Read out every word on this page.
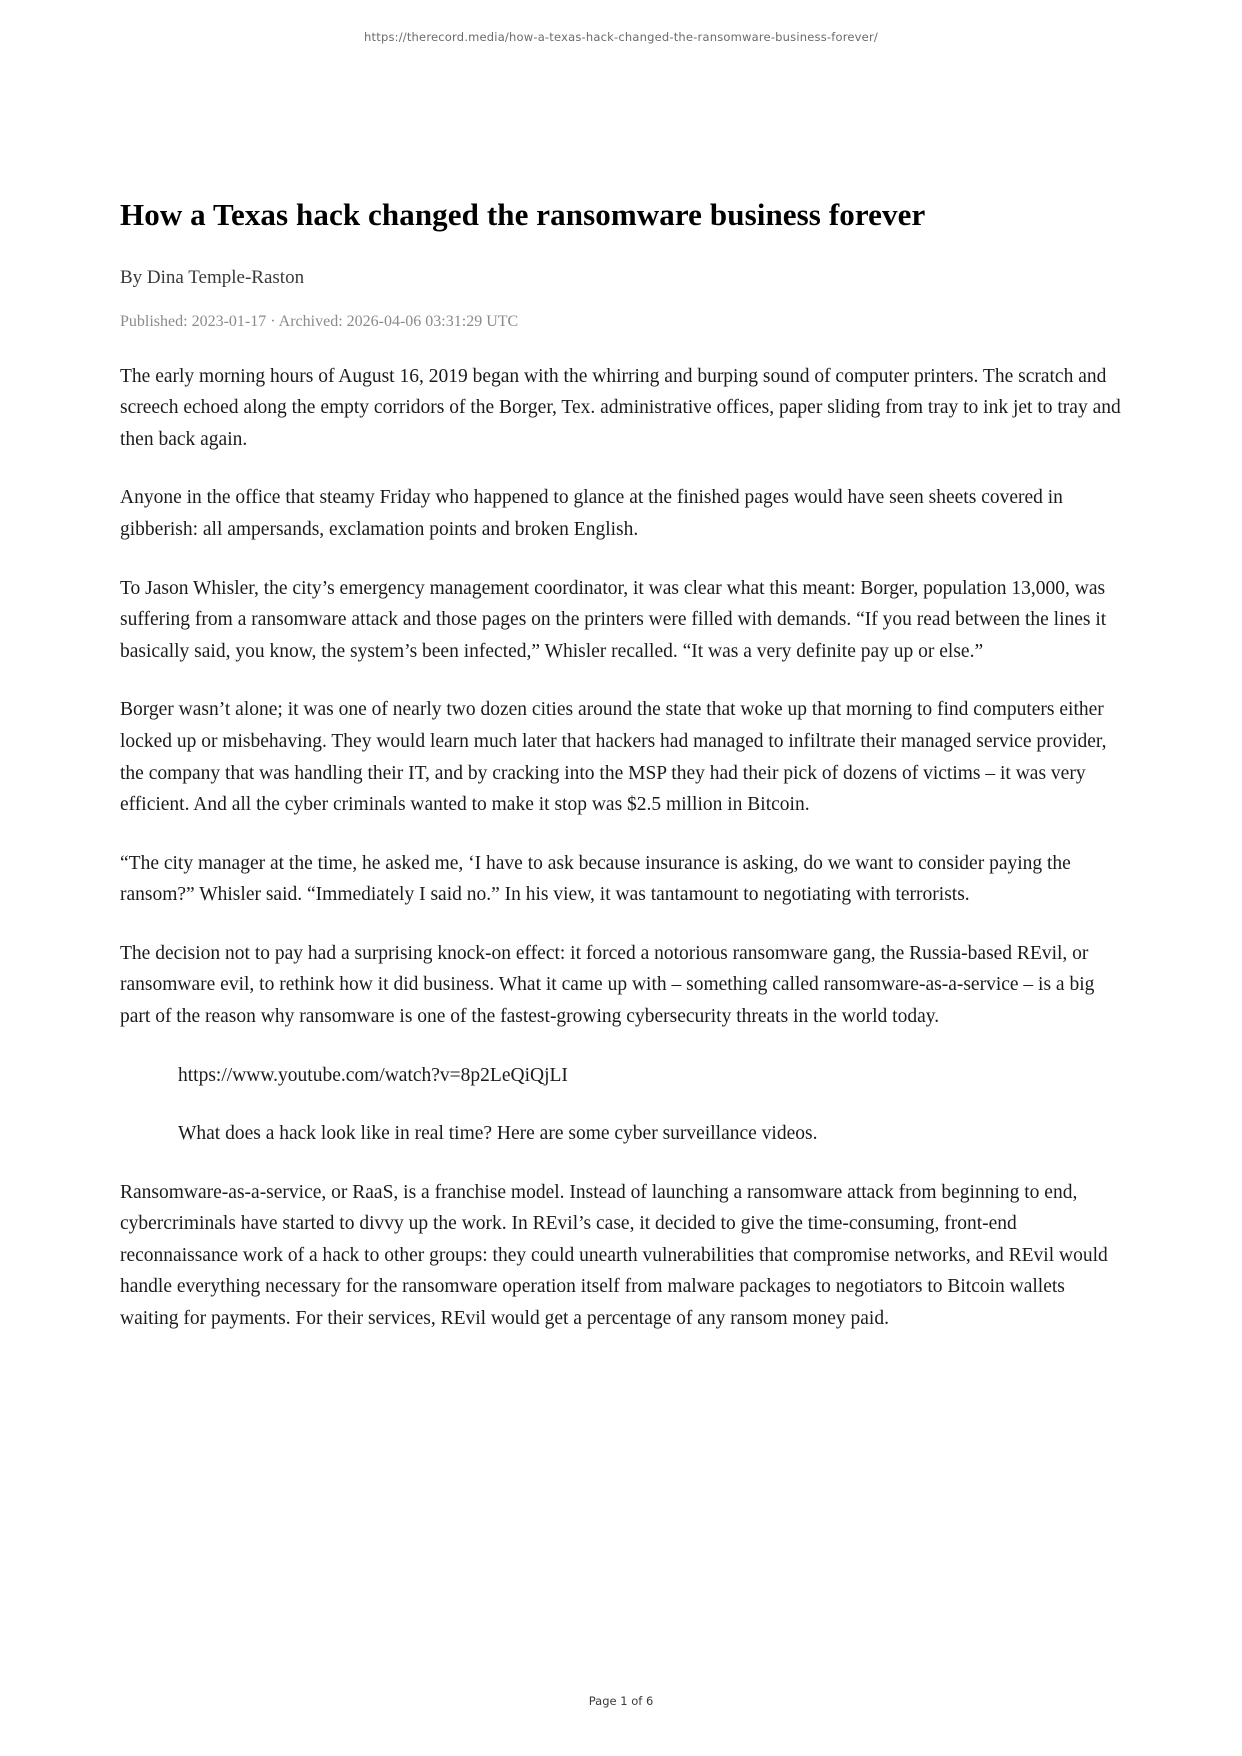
https://therecord.media/how-a-texas-hack-changed-the-ransomware-business-forever/
How a Texas hack changed the ransomware business forever
By Dina Temple-Raston
Published: 2023-01-17 · Archived: 2026-04-06 03:31:29 UTC

The early morning hours of August 16, 2019 began with the whirring and burping sound of computer printers. The scratch and screech echoed along the empty corridors of the Borger, Tex. administrative offices, paper sliding from tray to ink jet to tray and then back again.

Anyone in the office that steamy Friday who happened to glance at the finished pages would have seen sheets covered in gibberish: all ampersands, exclamation points and broken English.

To Jason Whisler, the city’s emergency management coordinator, it was clear what this meant: Borger, population 13,000, was suffering from a ransomware attack and those pages on the printers were filled with demands. “If you read between the lines it basically said, you know, the system’s been infected,” Whisler recalled. “It was a very definite pay up or else.”

Borger wasn’t alone; it was one of nearly two dozen cities around the state that woke up that morning to find computers either locked up or misbehaving. They would learn much later that hackers had managed to infiltrate their managed service provider, the company that was handling their IT, and by cracking into the MSP they had their pick of dozens of victims – it was very efficient. And all the cyber criminals wanted to make it stop was $2.5 million in Bitcoin.

“The city manager at the time, he asked me, ‘I have to ask because insurance is asking, do we want to consider paying the ransom?” Whisler said. “Immediately I said no.” In his view, it was tantamount to negotiating with terrorists.

The decision not to pay had a surprising knock-on effect: it forced a notorious ransomware gang, the Russia-based REvil, or ransomware evil, to rethink how it did business. What it came up with – something called ransomware-as-a-service – is a big part of the reason why ransomware is one of the fastest-growing cybersecurity threats in the world today.

https://www.youtube.com/watch?v=8p2LeQiQjLI

What does a hack look like in real time? Here are some cyber surveillance videos.

Ransomware-as-a-service, or RaaS, is a franchise model. Instead of launching a ransomware attack from beginning to end, cybercriminals have started to divvy up the work. In REvil’s case, it decided to give the time-consuming, front-end reconnaissance work of a hack to other groups: they could unearth vulnerabilities that compromise networks, and REvil would handle everything necessary for the ransomware operation itself from malware packages to negotiators to Bitcoin wallets waiting for payments. For their services, REvil would get a percentage of any ransom money paid.

Page 1 of 6
